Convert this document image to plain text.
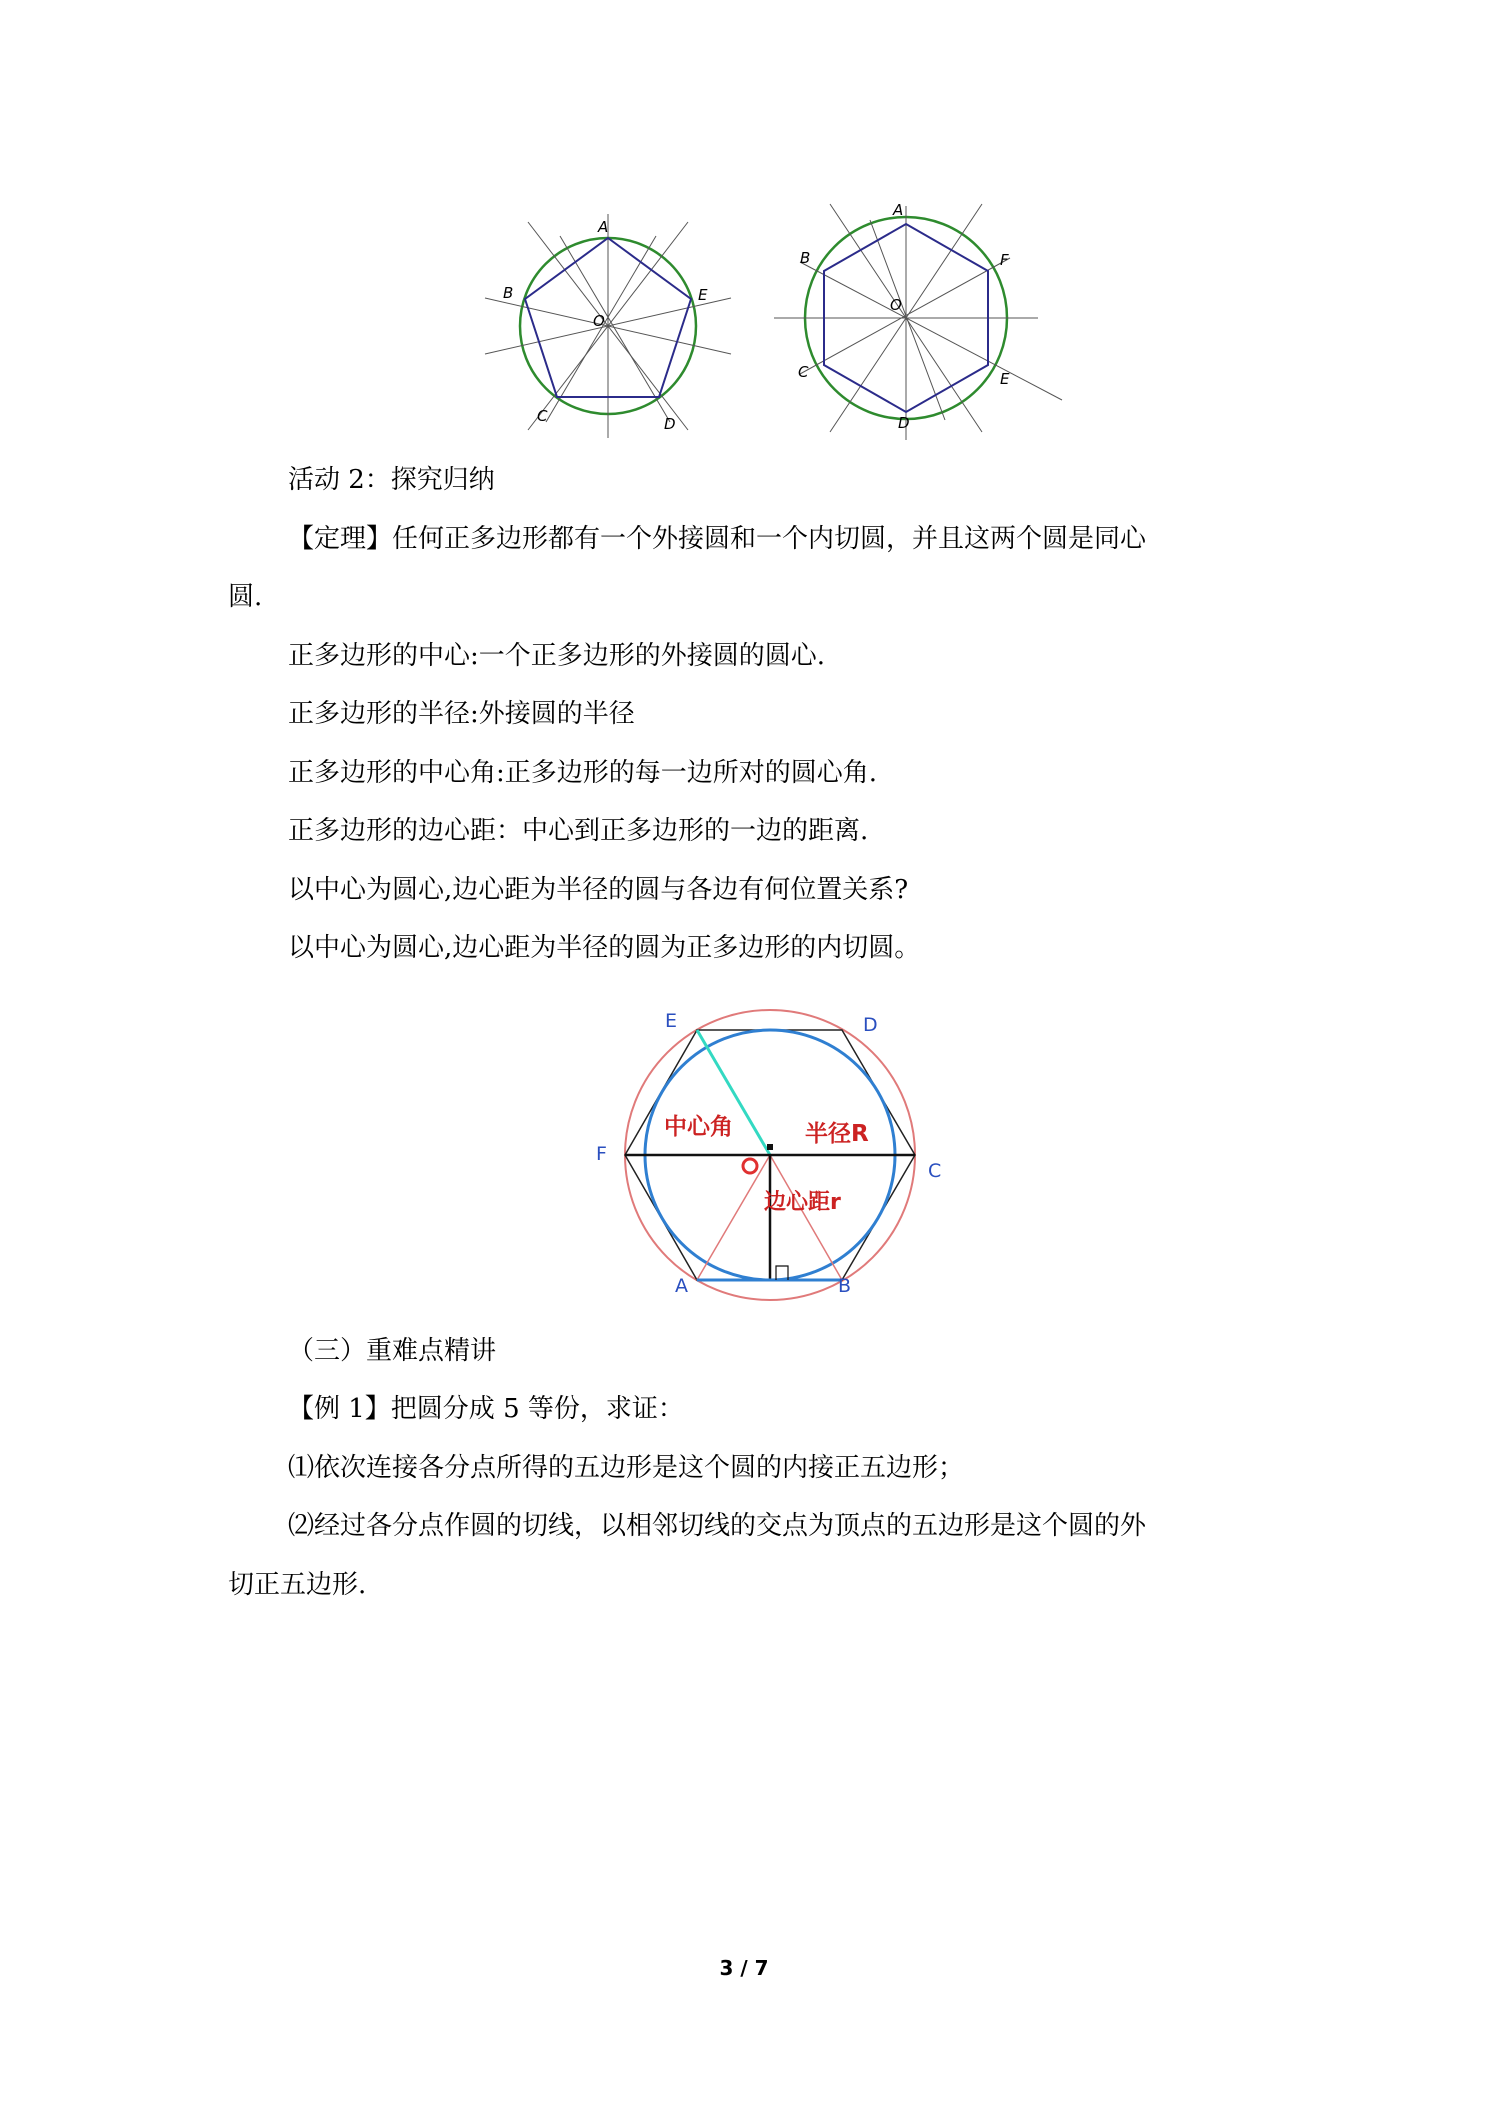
A
B	E
O
C	D
A
B	F
O
C	E
D
活动 2：探究归纳
【定理】任何正多边形都有一个外接圆和一个内切圆，并且这两个圆是同心
圆.
正多边形的中心:一个正多边形的外接圆的圆心.
正多边形的半径:外接圆的半径
正多边形的中心角:正多边形的每一边所对的圆心角.
正多边形的边心距：中心到正多边形的一边的距离.
以中心为圆心,边心距为半径的圆与各边有何位置关系?
以中心为圆心,边心距为半径的圆为正多边形的内切圆。
E	D
F
C
A	B
中心角	半径R
边心距r
（三）重难点精讲
【例 1】把圆分成 5 等份，求证：
⑴依次连接各分点所得的五边形是这个圆的内接正五边形；
⑵经过各分点作圆的切线，以相邻切线的交点为顶点的五边形是这个圆的外
切正五边形.
3 / 7
